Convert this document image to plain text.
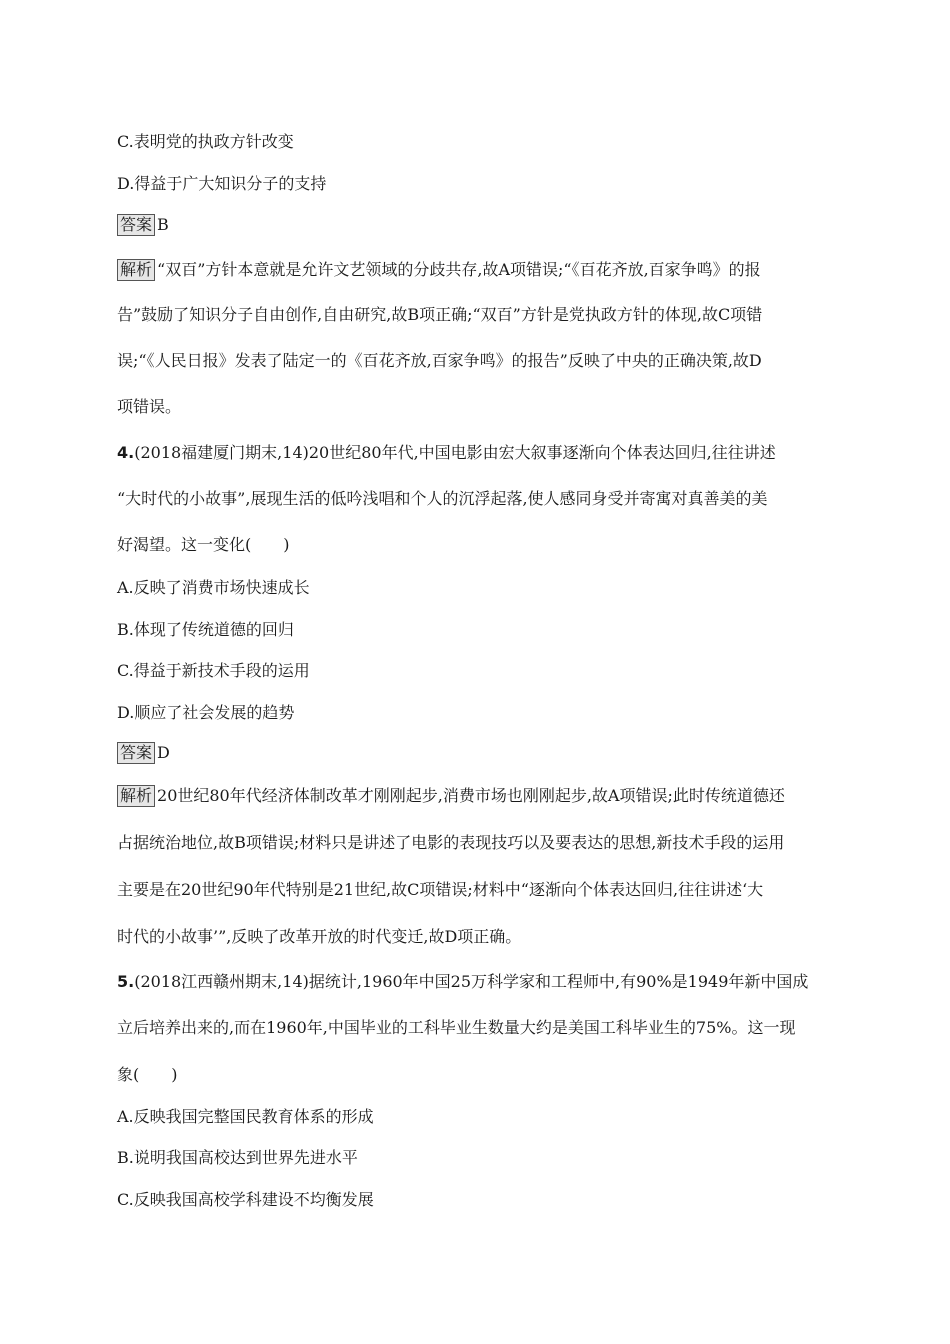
C.表明党的执政方针改变
D.得益于广大知识分子的支持
答案 B
解析 “双百”方针本意就是允许文艺领域的分歧共存,故A项错误;“《百花齐放,百家争鸣》的报
告”鼓励了知识分子自由创作,自由研究,故B项正确;“双百”方针是党执政方针的体现,故C项错
误;“《人民日报》发表了陆定一的《百花齐放,百家争鸣》的报告”反映了中央的正确决策,故D
项错误。
4.(2018福建厦门期末,14)20世纪80年代,中国电影由宏大叙事逐渐向个体表达回归,往往讲述
“大时代的小故事”,展现生活的低吟浅唱和个人的沉浮起落,使人感同身受并寄寓对真善美的美
好渴望。这一变化(　　)
A.反映了消费市场快速成长
B.体现了传统道德的回归
C.得益于新技术手段的运用
D.顺应了社会发展的趋势
答案 D
解析 20世纪80年代经济体制改革才刚刚起步,消费市场也刚刚起步,故A项错误;此时传统道德还
占据统治地位,故B项错误;材料只是讲述了电影的表现技巧以及要表达的思想,新技术手段的运用
主要是在20世纪90年代特别是21世纪,故C项错误;材料中“逐渐向个体表达回归,往往讲述‘大
时代的小故事’”,反映了改革开放的时代变迁,故D项正确。
5.(2018江西赣州期末,14)据统计,1960年中国25万科学家和工程师中,有90%是1949年新中国成
立后培养出来的,而在1960年,中国毕业的工科毕业生数量大约是美国工科毕业生的75%。这一现
象(　　)
A.反映我国完整国民教育体系的形成
B.说明我国高校达到世界先进水平
C.反映我国高校学科建设不均衡发展
